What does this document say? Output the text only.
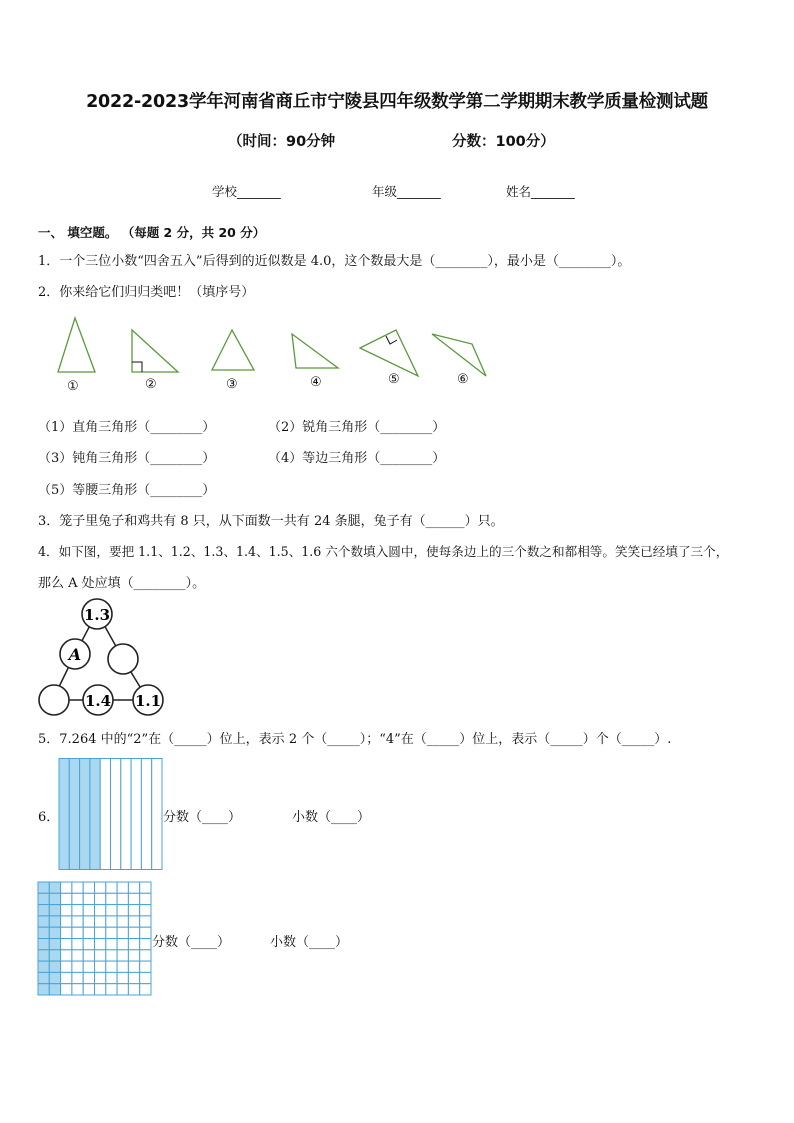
2022-2023学年河南省商丘市宁陵县四年级数学第二学期期末教学质量检测试题
（时间：90分钟	分数：100分）
学校_______	年级_______	姓名_______
一、 填空题。 （每题 2 分，共 20 分）
1．一个三位小数“四舍五入”后得到的近似数是 4.0，这个数最大是（________），最小是（________）。
2．你来给它们归归类吧！（填序号）
①	②	③	④	⑤	⑥
（1）直角三角形（________）	（2）锐角三角形（________）
（3）钝角三角形（________）	（4）等边三角形（________）
（5）等腰三角形（________）
3．笼子里兔子和鸡共有 8 只，从下面数一共有 24 条腿，兔子有（______）只。
4．如下图，要把 1.1、1.2、1.3、1.4、1.5、1.6 六个数填入圆中，使每条边上的三个数之和都相等。笑笑已经填了三个，
那么 A 处应填（________）。
1.3
A
1.4 1.1
5．7.264 中的“2”在（_____）位上，表示 2 个（_____）；“4”在（_____）位上，表示（_____）个（_____）.
6．	分数（____）	小数（____）
分数（____）	小数（____）
